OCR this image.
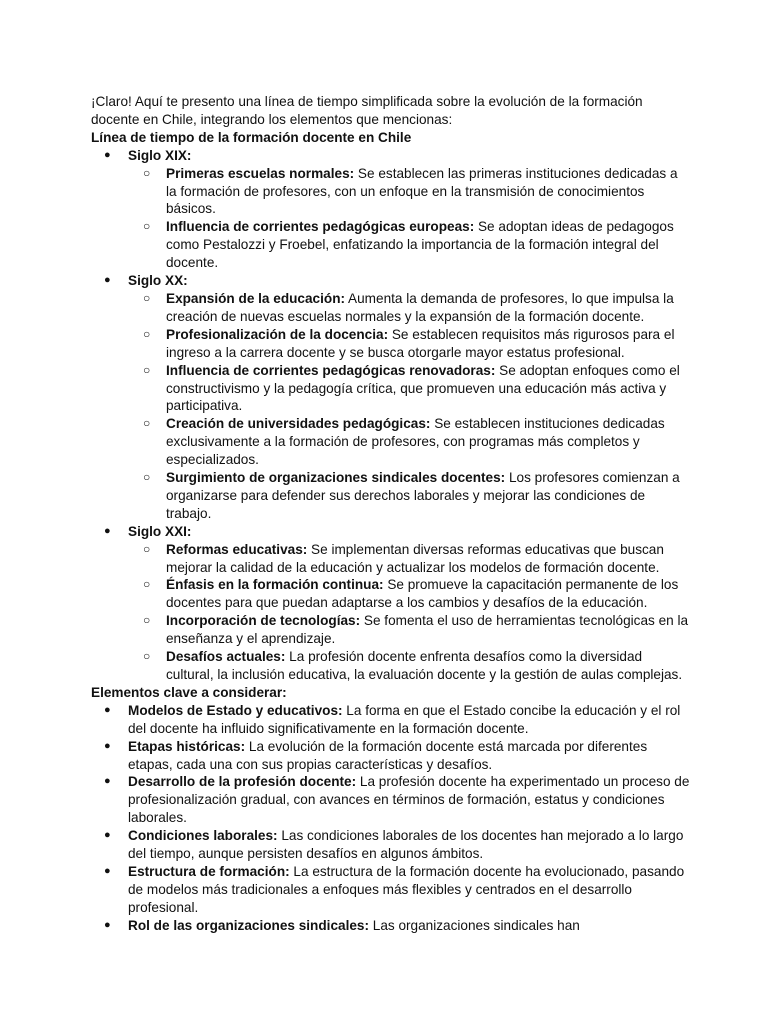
¡Claro! Aquí te presento una línea de tiempo simplificada sobre la evolución de la formación docente en Chile, integrando los elementos que mencionas:

Línea de tiempo de la formación docente en Chile

● Siglo XIX:
○ Primeras escuelas normales: Se establecen las primeras instituciones dedicadas a la formación de profesores, con un enfoque en la transmisión de conocimientos básicos.
○ Influencia de corrientes pedagógicas europeas: Se adoptan ideas de pedagogos como Pestalozzi y Froebel, enfatizando la importancia de la formación integral del docente.
● Siglo XX:
○ Expansión de la educación: Aumenta la demanda de profesores, lo que impulsa la creación de nuevas escuelas normales y la expansión de la formación docente.
○ Profesionalización de la docencia: Se establecen requisitos más rigurosos para el ingreso a la carrera docente y se busca otorgarle mayor estatus profesional.
○ Influencia de corrientes pedagógicas renovadoras: Se adoptan enfoques como el constructivismo y la pedagogía crítica, que promueven una educación más activa y participativa.
○ Creación de universidades pedagógicas: Se establecen instituciones dedicadas exclusivamente a la formación de profesores, con programas más completos y especializados.
○ Surgimiento de organizaciones sindicales docentes: Los profesores comienzan a organizarse para defender sus derechos laborales y mejorar las condiciones de trabajo.
● Siglo XXI:
○ Reformas educativas: Se implementan diversas reformas educativas que buscan mejorar la calidad de la educación y actualizar los modelos de formación docente.
○ Énfasis en la formación continua: Se promueve la capacitación permanente de los docentes para que puedan adaptarse a los cambios y desafíos de la educación.
○ Incorporación de tecnologías: Se fomenta el uso de herramientas tecnológicas en la enseñanza y el aprendizaje.
○ Desafíos actuales: La profesión docente enfrenta desafíos como la diversidad cultural, la inclusión educativa, la evaluación docente y la gestión de aulas complejas.

Elementos clave a considerar:

● Modelos de Estado y educativos: La forma en que el Estado concibe la educación y el rol del docente ha influido significativamente en la formación docente.
● Etapas históricas: La evolución de la formación docente está marcada por diferentes etapas, cada una con sus propias características y desafíos.
● Desarrollo de la profesión docente: La profesión docente ha experimentado un proceso de profesionalización gradual, con avances en términos de formación, estatus y condiciones laborales.
● Condiciones laborales: Las condiciones laborales de los docentes han mejorado a lo largo del tiempo, aunque persisten desafíos en algunos ámbitos.
● Estructura de formación: La estructura de la formación docente ha evolucionado, pasando de modelos más tradicionales a enfoques más flexibles y centrados en el desarrollo profesional.
● Rol de las organizaciones sindicales: Las organizaciones sindicales han
